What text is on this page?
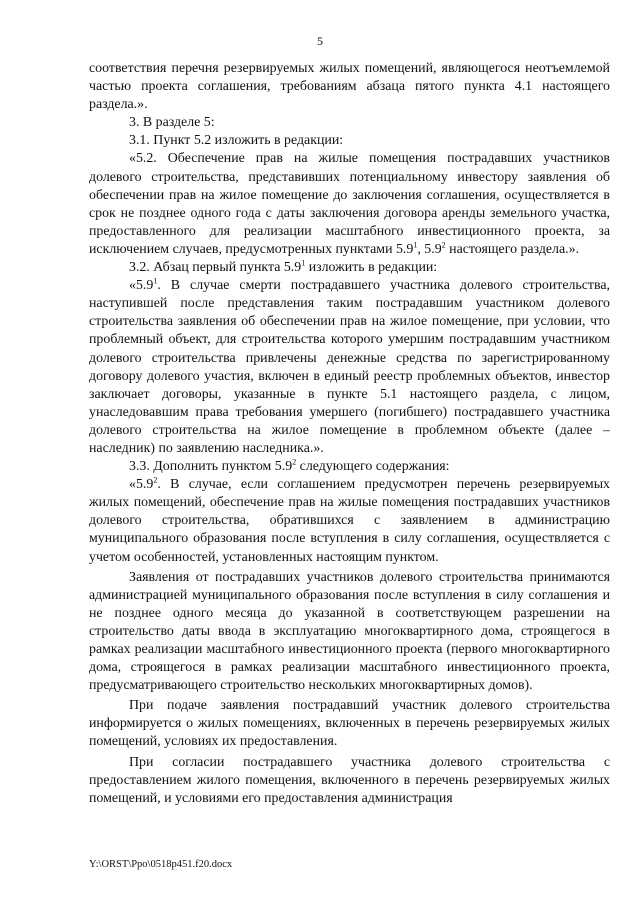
5

соответствия перечня резервируемых жилых помещений, являющегося неотъемлемой частью проекта соглашения, требованиям абзаца пятого пункта 4.1 настоящего раздела.».

3. В разделе 5:

3.1. Пункт 5.2 изложить в редакции:

«5.2. Обеспечение прав на жилые помещения пострадавших участников долевого строительства, представивших потенциальному инвестору заявления об обеспечении прав на жилое помещение до заключения соглашения, осуществляется в срок не позднее одного года с даты заключения договора аренды земельного участка, предоставленного для реализации масштабного инвестиционного проекта, за исключением случаев, предусмотренных пунктами $5.9^1$, $5.9^2$ настоящего раздела.».

3.2. Абзац первый пункта $5.9^1$ изложить в редакции:

«$5.9^1$. В случае смерти пострадавшего участника долевого строительства, наступившей после представления таким пострадавшим участником долевого строительства заявления об обеспечении прав на жилое помещение, при условии, что проблемный объект, для строительства которого умершим пострадавшим участником долевого строительства привлечены денежные средства по зарегистрированному договору долевого участия, включен в единый реестр проблемных объектов, инвестор заключает договоры, указанные в пункте 5.1 настоящего раздела, с лицом, унаследовавшим права требования умершего (погибшего) пострадавшего участника долевого строительства на жилое помещение в проблемном объекте (далее – наследник) по заявлению наследника.».

3.3. Дополнить пунктом $5.9^2$ следующего содержания:

«$5.9^2$. В случае, если соглашением предусмотрен перечень резервируемых жилых помещений, обеспечение прав на жилые помещения пострадавших участников долевого строительства, обратившихся с заявлением в администрацию муниципального образования после вступления в силу соглашения, осуществляется с учетом особенностей, установленных настоящим пунктом.

Заявления от пострадавших участников долевого строительства принимаются администрацией муниципального образования после вступления в силу соглашения и не позднее одного месяца до указанной в соответствующем разрешении на строительство даты ввода в эксплуатацию многоквартирного дома, строящегося в рамках реализации масштабного инвестиционного проекта (первого многоквартирного дома, строящегося в рамках реализации масштабного инвестиционного проекта, предусматривающего строительство нескольких многоквартирных домов).

При подаче заявления пострадавший участник долевого строительства информируется о жилых помещениях, включенных в перечень резервируемых жилых помещений, условиях их предоставления.

При согласии пострадавшего участника долевого строительства с предоставлением жилого помещения, включенного в перечень резервируемых жилых помещений, и условиями его предоставления администрация

Y:\ORST\Ppo\0518p451.f20.docx
